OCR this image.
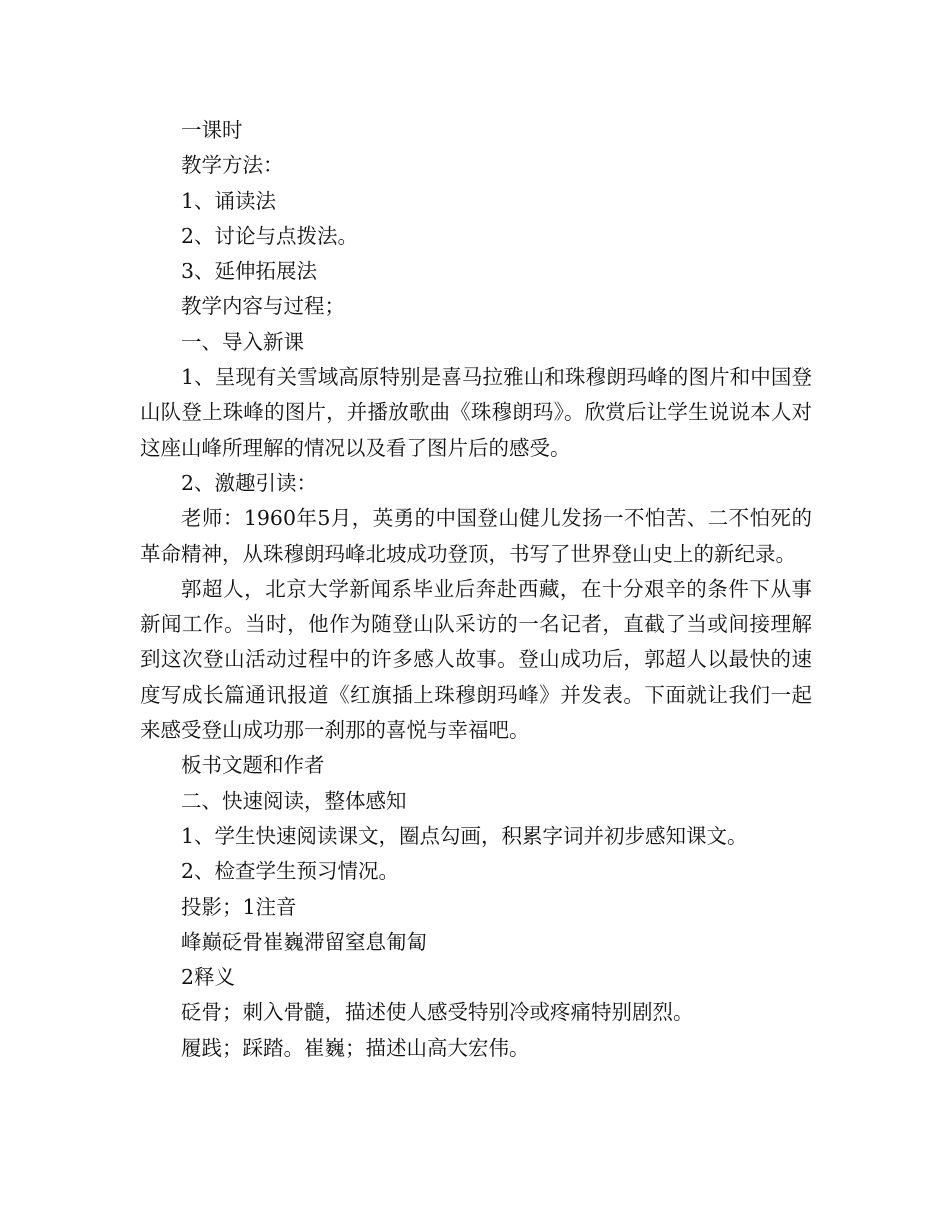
一课时

教学方法：

1、诵读法

2、讨论与点拨法。

3、延伸拓展法

教学内容与过程；

一、导入新课

1、呈现有关雪域高原特别是喜马拉雅山和珠穆朗玛峰的图片和中国登山队登上珠峰的图片，并播放歌曲《珠穆朗玛》。欣赏后让学生说说本人对这座山峰所理解的情况以及看了图片后的感受。

2、激趣引读：

老师：1960年5月，英勇的中国登山健儿发扬一不怕苦、二不怕死的革命精神，从珠穆朗玛峰北坡成功登顶，书写了世界登山史上的新纪录。

郭超人，北京大学新闻系毕业后奔赴西藏，在十分艰辛的条件下从事新闻工作。当时，他作为随登山队采访的一名记者，直截了当或间接理解到这次登山活动过程中的许多感人故事。登山成功后，郭超人以最快的速度写成长篇通讯报道《红旗插上珠穆朗玛峰》并发表。下面就让我们一起来感受登山成功那一刹那的喜悦与幸福吧。

板书文题和作者

二、快速阅读，整体感知

1、学生快速阅读课文，圈点勾画，积累字词并初步感知课文。

2、检查学生预习情况。

投影；1注音

峰巅砭骨崔巍滞留窒息匍匐

2释义

砭骨；刺入骨髓，描述使人感受特别冷或疼痛特别剧烈。

履践；踩踏。崔巍；描述山高大宏伟。
